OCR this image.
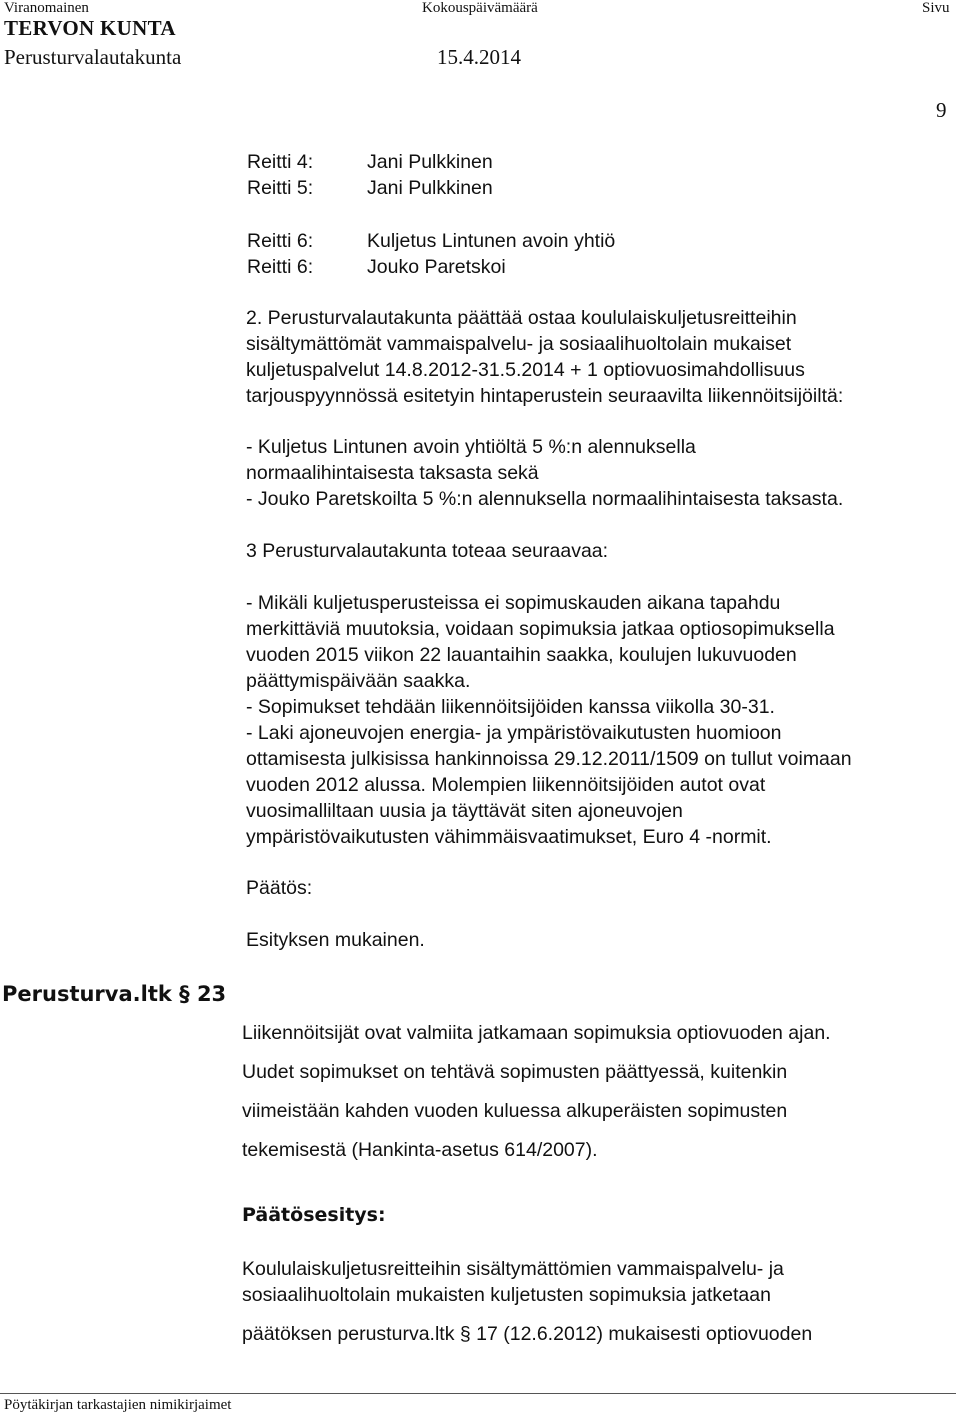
Viranomainen	Kokouspäivämäärä	Sivu
TERVON KUNTA
Perusturvalautakunta	15.4.2014
9
Reitti 4:	Jani Pulkkinen
Reitti 5:	Jani Pulkkinen
Reitti 6:	Kuljetus Lintunen avoin yhtiö
Reitti 6:	Jouko Paretskoi
2. Perusturvalautakunta päättää ostaa koululaiskuljetusreitteihin
sisältymättömät vammaispalvelu- ja sosiaalihuoltolain mukaiset
kuljetuspalvelut 14.8.2012-31.5.2014 + 1 optiovuosimahdollisuus
tarjouspyynnössä esitetyin hintaperustein seuraavilta liikennöitsijöiltä:
- Kuljetus Lintunen avoin yhtiöltä 5 %:n alennuksella
normaalihintaisesta taksasta sekä
- Jouko Paretskoilta 5 %:n alennuksella normaalihintaisesta taksasta.
3 Perusturvalautakunta toteaa seuraavaa:
- Mikäli kuljetusperusteissa ei sopimuskauden aikana tapahdu
merkittäviä muutoksia, voidaan sopimuksia jatkaa optiosopimuksella
vuoden 2015 viikon 22 lauantaihin saakka, koulujen lukuvuoden
päättymispäivään saakka.
- Sopimukset tehdään liikennöitsijöiden kanssa viikolla 30-31.
- Laki ajoneuvojen energia- ja ympäristövaikutusten huomioon
ottamisesta julkisissa hankinnoissa 29.12.2011/1509 on tullut voimaan
vuoden 2012 alussa. Molempien liikennöitsijöiden autot ovat
vuosimalliltaan uusia ja täyttävät siten ajoneuvojen
ympäristövaikutusten vähimmäisvaatimukset, Euro 4 -normit.
Päätös:
Esityksen mukainen.
Perusturva.ltk § 23
Liikennöitsijät ovat valmiita jatkamaan sopimuksia optiovuoden ajan.
Uudet sopimukset on tehtävä sopimusten päättyessä, kuitenkin
viimeistään kahden vuoden kuluessa alkuperäisten sopimusten
tekemisestä (Hankinta-asetus 614/2007).
Päätösesitys:
Koululaiskuljetusreitteihin sisältymättömien vammaispalvelu- ja
sosiaalihuoltolain mukaisten kuljetusten sopimuksia jatketaan
päätöksen perusturva.ltk § 17 (12.6.2012) mukaisesti optiovuoden
Pöytäkirjan tarkastajien nimikirjaimet
